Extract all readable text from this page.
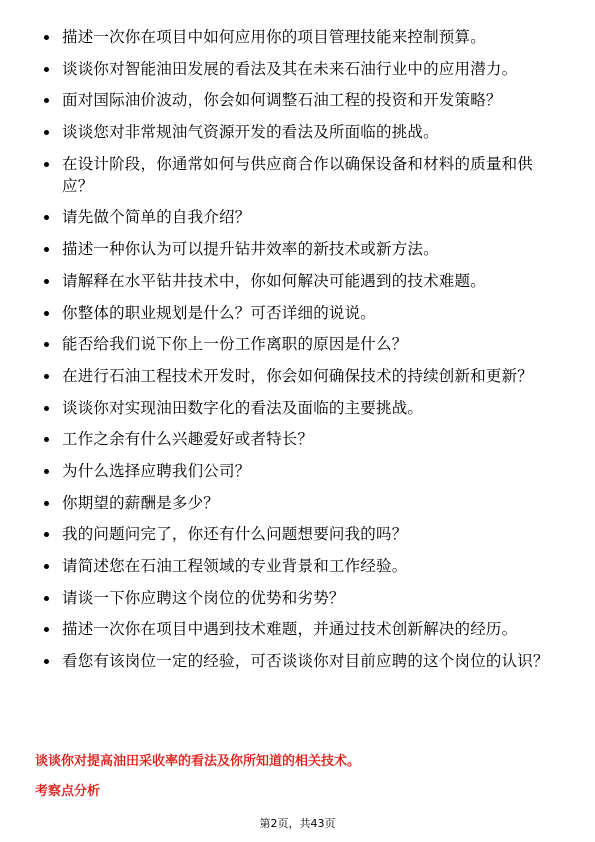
描述一次你在项目中如何应用你的项目管理技能来控制预算。
谈谈你对智能油田发展的看法及其在未来石油行业中的应用潜力。
面对国际油价波动，你会如何调整石油工程的投资和开发策略？
谈谈您对非常规油气资源开发的看法及所面临的挑战。
在设计阶段，你通常如何与供应商合作以确保设备和材料的质量和供应？
请先做个简单的自我介绍？
描述一种你认为可以提升钻井效率的新技术或新方法。
请解释在水平钻井技术中，你如何解决可能遇到的技术难题。
你整体的职业规划是什么？可否详细的说说。
能否给我们说下你上一份工作离职的原因是什么？
在进行石油工程技术开发时，你会如何确保技术的持续创新和更新？
谈谈你对实现油田数字化的看法及面临的主要挑战。
工作之余有什么兴趣爱好或者特长？
为什么选择应聘我们公司？
你期望的薪酬是多少？
我的问题问完了，你还有什么问题想要问我的吗？
请简述您在石油工程领域的专业背景和工作经验。
请谈一下你应聘这个岗位的优势和劣势？
描述一次你在项目中遇到技术难题，并通过技术创新解决的经历。
看您有该岗位一定的经验，可否谈谈你对目前应聘的这个岗位的认识？
谈谈你对提高油田采收率的看法及你所知道的相关技术。
考察点分析
第2页，共43页
